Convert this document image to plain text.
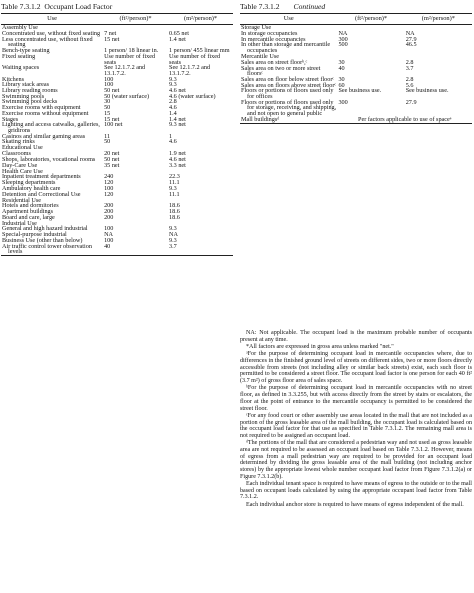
Table 7.3.1.2 Occupant Load Factor
Use	(ft²/person)*	(m²/person)*

Assembly Use		

Concentrated use, without fixed seating	7 net	0.65 net

Less concentrated use, without fixed seating	15 net	1.4 net

Bench-type seating	1 person/ 18 linear in.	1 person/ 455 linear mm

Fixed seating	Use number of fixed seats	Use number of fixed seats

Waiting spaces	See 12.1.7.2 and 13.1.7.2.	See 12.1.7.2 and 13.1.7.2.

Kitchens	100	9.3

Library stack areas	100	9.3

Library reading rooms	50 net	4.6 net

Swimming pools	50 (water surface)	4.6 (water surface)

Swimming pool decks	30	2.8

Exercise rooms with equipment	50	4.6

Exercise rooms without equipment	15	1.4

Stages	15 net	1.4 net

Lighting and access catwalks, galleries, gridirons	100 net	9.3 net

Casinos and similar gaming areas	11	1

Skating rinks	50	4.6

Educational Use		

Classrooms	20 net	1.9 net

Shops, laboratories, vocational rooms	50 net	4.6 net

Day-Care Use	35 net	3.3 net

Health Care Use		

Inpatient treatment departments	240	22.3

Sleeping departments	120	11.1

Ambulatory health care	100	9.3

Detention and Correctional Use	120	11.1

Residential Use		

Hotels and dormitories	200	18.6

Apartment buildings	200	18.6

Board and care, large	200	18.6

Industrial Use		

General and high hazard industrial	100	9.3

Special-purpose industrial	NA	NA

Business Use (other than below)	100	9.3

Air traffic control tower observation levels	40	3.7
Table 7.3.1.2 Continued
Use	(ft²/person)*	(m²/person)*

Storage Use		

In storage occupancies	NA	NA

In mercantile occupancies	300	27.9

In other than storage and mercantile occupancies	500	46.5

Mercantile Use		

Sales area on street floorᵇ,ᶜ	30	2.8

Sales area on two or more street floorsᶜ	40	3.7

Sales area on floor below street floorᶜ	30	2.8

Sales area on floors above street floorᶜ	60	5.6

Floors or portions of floors used only for offices	See business use.	See business use.

Floors or portions of floors used only for storage, receiving, and shipping, and not open to general public	300	27.9

Mall buildingsᵈ	Per factors applicable to use of spaceᵉ	

NA: Not applicable. The occupant load is the maximum probable number of occupants present at any time.

*All factors are expressed in gross area unless marked "net."

ᵃFor the purpose of determining occupant load in mercantile occupancies where, due to differences in the finished ground level of streets on different sides, two or more floors directly accessible from streets (not including alley or similar back streets) exist, each such floor is permitted to be considered a street floor. The occupant load factor is one person for each 40 ft² (3.7 m²) of gross floor area of sales space.

ᵇFor the purpose of determining occupant load in mercantile occupancies with no street floor, as defined in 3.3.255, but with access directly from the street by stairs or escalators, the floor at the point of entrance to the mercantile occupancy is permitted to be considered the street floor.

ᶜFor any food court or other assembly use areas located in the mall that are not included as a portion of the gross leasable area of the mall building, the occupant load is calculated based on the occupant load factor for that use as specified in Table 7.3.1.2. The remaining mall area is not required to be assigned an occupant load.

ᵈThe portions of the mall that are considered a pedestrian way and not used as gross leasable area are not required to be assessed an occupant load based on Table 7.3.1.2. However, means of egress from a mall pedestrian way are required to be provided for an occupant load determined by dividing the gross leasable area of the mall building (not including anchor stores) by the appropriate lowest whole number occupant load factor from Figure 7.3.1.2(a) or Figure 7.3.1.2(b).

Each individual tenant space is required to have means of egress to the outside or to the mall based on occupant loads calculated by using the appropriate occupant load factor from Table 7.3.1.2.

Each individual anchor store is required to have means of egress independent of the mall.
